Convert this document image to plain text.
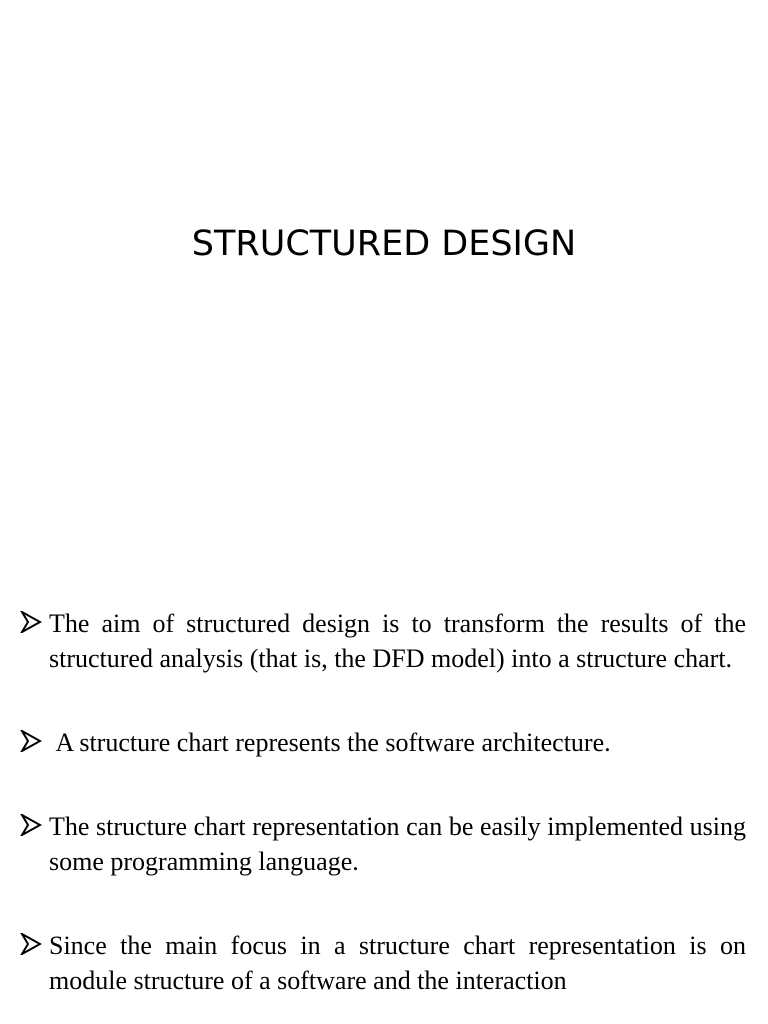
STRUCTURED DESIGN
The aim of structured design is to transform the results of the structured analysis (that is, the DFD model) into a structure chart.
A structure chart represents the software architecture.
The structure chart representation can be easily implemented using some programming language.
Since the main focus in a structure chart representation is on module structure of a software and the interaction
